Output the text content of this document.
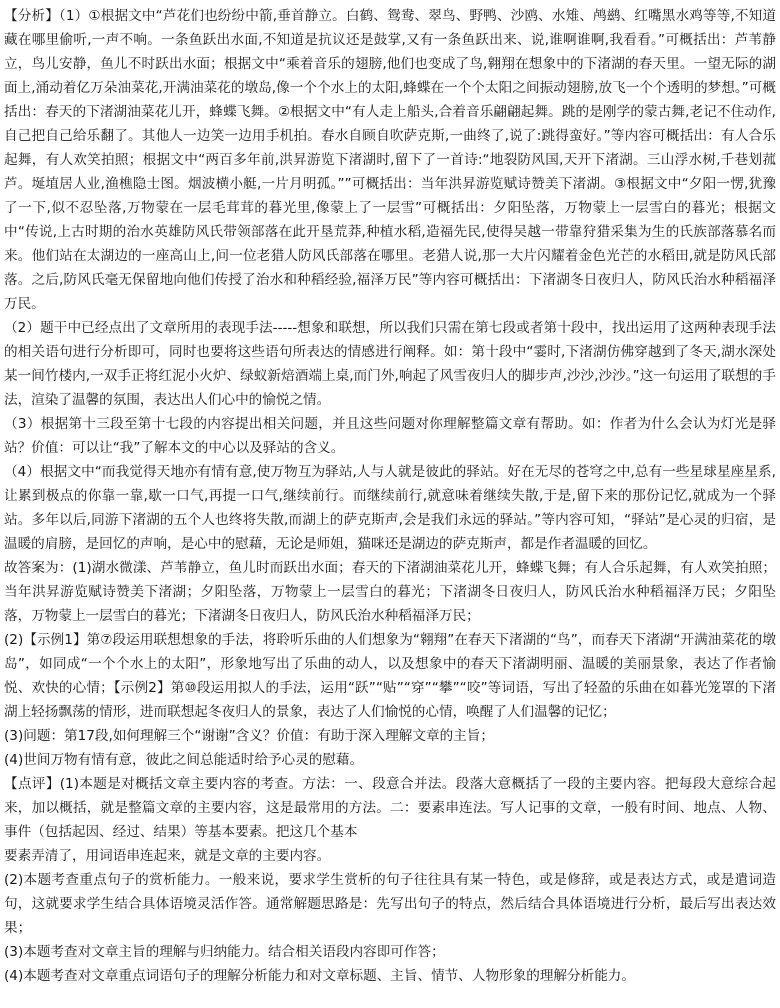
【分析】（1）①根据文中“芦花们也纷纷中箭,垂首静立。白鹤、鸳鸯、翠鸟、野鸭、沙鸥、水雉、鸬鹚、红嘴黑水鸡等等,不知道藏在哪里偷听,一声不响。一条鱼跃出水面,不知道是抗议还是鼓掌,又有一条鱼跃出来、说,谁啊谁啊,我看看。”可概括出：芦苇静立，鸟儿安静，鱼儿不时跃出水面；根据文中“乘着音乐的翅膀,他们也变成了鸟,翱翔在想象中的下渚湖的春天里。一望无际的湖面上,涌动着亿万朵油菜花,开满油菜花的墩岛,像一个个水上的太阳,蜂蝶在一个个太阳之间振动翅膀,放飞一个个透明的梦想。”可概括出：春天的下渚湖油菜花儿开，蜂蝶飞舞。②根据文中“有人走上船头,合着音乐翩翩起舞。跳的是刚学的蒙古舞,老记不住动作,自己把自己给乐翻了。其他人一边笑一边用手机拍。春水自顾自吹萨克斯,一曲终了,说了:跳得蛮好。”等内容可概括出：有人合乐起舞，有人欢笑拍照；根据文中“两百多年前,洪昇游览下渚湖时,留下了一首诗:“地裂防风国,天开下渚湖。三山浮水树,千巷划菰芦。埏埴居人业,渔樵隐士图。烟波横小艇,一片月明孤。””可概括出：当年洪昇游览赋诗赞美下渚湖。③根据文中“夕阳一愣,犹豫了一下,似不忍坠落,万物蒙在一层毛茸茸的暮光里,像蒙上了一层雪”可概括出：夕阳坠落，万物蒙上一层雪白的暮光；根据文中“传说,上古时期的治水英雄防风氏带领部落在此开垦荒莽,种植水稻,造福先民,使得吴越一带靠狩猎采集为生的氏族部落慕名而来。他们站在太湖边的一座高山上,问一位老猎人防风氏部落在哪里。老猎人说,那一大片闪耀着金色光芒的水稻田,就是防风氏部落。之后,防风氏毫无保留地向他们传授了治水和种稻经验,福泽万民”等内容可概括出：下渚湖冬日夜归人，防风氏治水种稻福泽万民。

（2）题干中已经点出了文章所用的表现手法-----想象和联想，所以我们只需在第七段或者第十段中，找出运用了这两种表现手法的相关语句进行分析即可，同时也要将这些语句所表达的情感进行阐释。如：第十段中“霎时,下渚湖仿佛穿越到了冬天,湖水深处某一间竹楼内,一双手正将红泥小火炉、绿蚁新焙酒端上桌,而门外,响起了风雪夜归人的脚步声,沙沙,沙沙。”这一句运用了联想的手法，渲染了温馨的氛围，表达出人们心中的愉悦之情。

（3）根据第十三段至第十七段的内容提出相关问题，并且这些问题对你理解整篇文章有帮助。如：作者为什么会认为灯光是驿站？价值：可以让“我”了解本文的中心以及驿站的含义。

（4）根据文中“而我觉得天地亦有情有意,使万物互为驿站,人与人就是彼此的驿站。好在无尽的苍穹之中,总有一些星球星座星系,让累到极点的你靠一靠,歇一口气,再提一口气,继续前行。而继续前行,就意味着继续失散,于是,留下来的那份记忆,就成为一个驿站。多年以后,同游下渚湖的五个人也终将失散,而湖上的萨克斯声,会是我们永远的驿站。”等内容可知，“驿站”是心灵的归宿，是温暖的肩膀，是回忆的声响，是心中的慰藉，无论是师姐，猫咪还是湖边的萨克斯声，都是作者温暖的回忆。

故答案为：(1)湖水微漾、芦苇静立，鱼儿时而跃出水面；春天的下渚湖油菜花儿开，蜂蝶飞舞；有人合乐起舞，有人欢笑拍照；当年洪昇游览赋诗赞美下渚湖；夕阳坠落，万物蒙上一层雪白的暮光；下渚湖冬日夜归人，防风氏治水种稻福泽万民；夕阳坠落，万物蒙上一层雪白的暮光；下渚湖冬日夜归人，防风氏治水种稻福泽万民；

(2)【示例1】第⑦段运用联想想象的手法，将聆听乐曲的人们想象为“翱翔”在春天下渚湖的“鸟”，而春天下渚湖“开满油菜花的墩岛”，如同成“一个个水上的太阳”，形象地写出了乐曲的动人，以及想象中的春天下渚湖明丽、温暖的美丽景象，表达了作者愉悦、欢快的心情；【示例2】第⑩段运用拟人的手法，运用“跃”“贴”“穿”“攀”“咬”等词语，写出了轻盈的乐曲在如暮光笼罩的下渚湖上轻扬飘荡的情形，进而联想起冬夜归人的景象，表达了人们愉悦的心情，唤醒了人们温馨的记忆；

(3)问题：第17段,如何理解三个“谢谢”含义？价值：有助于深入理解文章的主旨；

(4)世间万物有情有意，彼此之间总能适时给予心灵的慰藉。

【点评】(1)本题是对概括文章主要内容的考查。方法：一、段意合并法。段落大意概括了一段的主要内容。把每段大意综合起来，加以概括，就是整篇文章的主要内容，这是最常用的方法。二：要素串连法。写人记事的文章，一般有时间、地点、人物、事件（包括起因、经过、结果）等基本要素。把这几个基本

要素弄清了，用词语串连起来，就是文章的主要内容。

(2)本题考查重点句子的赏析能力。一般来说，要求学生赏析的句子往往具有某一特色，或是修辞，或是表达方式，或是遣词造句，这就要求学生结合具体语境灵活作答。通常解题思路是：先写出句子的特点，然后结合具体语境进行分析，最后写出表达效果；

(3)本题考查对文章主旨的理解与归纳能力。结合相关语段内容即可作答；

(4)本题考查对文章重点词语句子的理解分析能力和对文章标题、主旨、情节、人物形象的理解分析能力。
